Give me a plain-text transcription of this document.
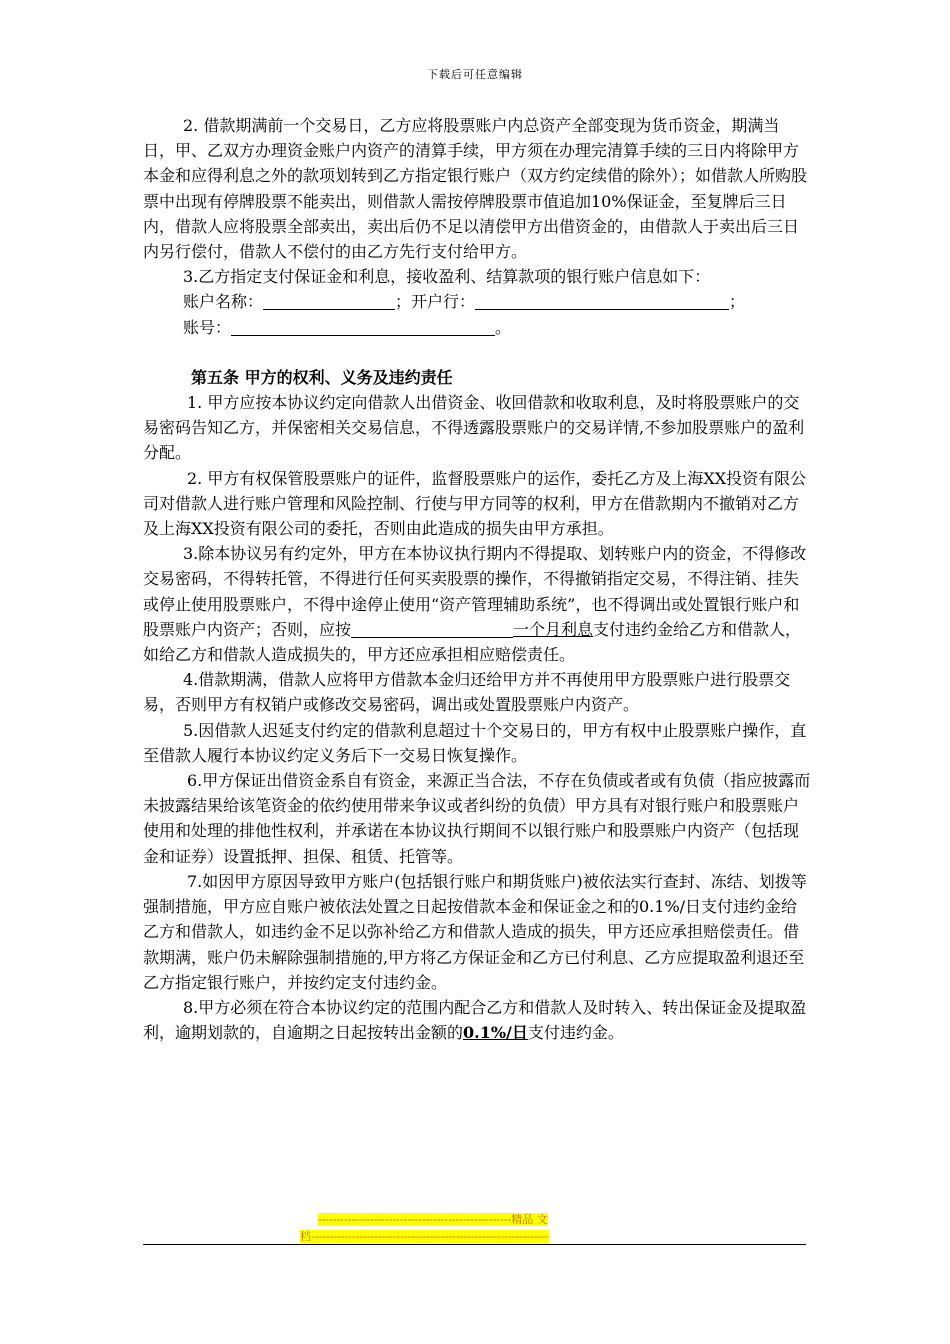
下载后可任意编辑

2. 借款期满前一个交易日，乙方应将股票账户内总资产全部变现为货币资金，期满当日，甲、乙双方办理资金账户内资产的清算手续，甲方须在办理完清算手续的三日内将除甲方本金和应得利息之外的款项划转到乙方指定银行账户（双方约定续借的除外）；如借款人所购股票中出现有停牌股票不能卖出，则借款人需按停牌股票市值追加10%保证金，至复牌后三日内，借款人应将股票全部卖出，卖出后仍不足以清偿甲方出借资金的，由借款人于卖出后三日内另行偿付，借款人不偿付的由乙方先行支付给甲方。

3.乙方指定支付保证金和利息，接收盈利、结算款项的银行账户信息如下：

账户名称：	；开户行：	；

账号：	。

第五条 甲方的权利、义务及违约责任

1. 甲方应按本协议约定向借款人出借资金、收回借款和收取利息，及时将股票账户的交易密码告知乙方，并保密相关交易信息，不得透露股票账户的交易详情,不参加股票账户的盈利分配。

2. 甲方有权保管股票账户的证件，监督股票账户的运作，委托乙方及上海XX投资有限公司对借款人进行账户管理和风险控制、行使与甲方同等的权利，甲方在借款期内不撤销对乙方及上海XX投资有限公司的委托，否则由此造成的损失由甲方承担。

3.除本协议另有约定外，甲方在本协议执行期内不得提取、划转账户内的资金，不得修改交易密码，不得转托管，不得进行任何买卖股票的操作，不得撤销指定交易，不得注销、挂失或停止使用股票账户，不得中途停止使用“资产管理辅助系统”，也不得调出或处置银行账户和股票账户内资产；否则，应按	一个月利息支付违约金给乙方和借款人，如给乙方和借款人造成损失的，甲方还应承担相应赔偿责任。

4.借款期满，借款人应将甲方借款本金归还给甲方并不再使用甲方股票账户进行股票交易，否则甲方有权销户或修改交易密码，调出或处置股票账户内资产。

5.因借款人迟延支付约定的借款利息超过十个交易日的，甲方有权中止股票账户操作，直至借款人履行本协议约定义务后下一交易日恢复操作。

6.甲方保证出借资金系自有资金，来源正当合法，不存在负债或者或有负债（指应披露而未披露结果给该笔资金的依约使用带来争议或者纠纷的负债）甲方具有对银行账户和股票账户使用和处理的排他性权利，并承诺在本协议执行期间不以银行账户和股票账户内资产（包括现金和证券）设置抵押、担保、租赁、托管等。

7.如因甲方原因导致甲方账户(包括银行账户和期货账户)被依法实行查封、冻结、划拨等强制措施，甲方应自账户被依法处置之日起按借款本金和保证金之和的0.1%/日支付违约金给乙方和借款人，如违约金不足以弥补给乙方和借款人造成的损失，甲方还应承担赔偿责任。借款期满，账户仍未解除强制措施的,甲方将乙方保证金和乙方已付利息、乙方应提取盈利退还至乙方指定银行账户，并按约定支付违约金。

8.甲方必须在符合本协议约定的范围内配合乙方和借款人及时转入、转出保证金及提取盈利，逾期划款的，自逾期之日起按转出金额的0.1%/日支付违约金。

----------------------------------------------------精品 文
档----------------------------------------------------------------
